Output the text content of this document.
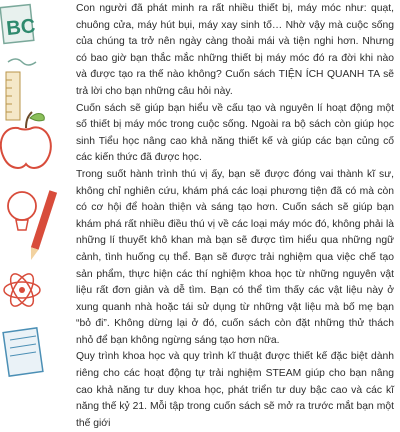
BC

Con người đã phát minh ra rất nhiều thiết bị, máy móc như: quạt, chuông cửa, máy hút bụi, máy xay sinh tố… Nhờ vậy mà cuộc sống của chúng ta trở nên ngày càng thoải mái và tiện nghi hơn. Nhưng có bao giờ bạn thắc mắc những thiết bị máy móc đó ra đời khi nào và được tạo ra thế nào không? Cuốn sách TIỆN ÍCH QUANH TA sẽ trả lời cho bạn những câu hỏi này.

Cuốn sách sẽ giúp bạn hiểu về cấu tạo và nguyên lí hoạt động một số thiết bị máy móc trong cuộc sống. Ngoài ra bộ sách còn giúp học sinh Tiểu học nâng cao khả năng thiết kế và giúp các bạn củng cố các kiến thức đã được học.

Trong suốt hành trình thú vị ấy, bạn sẽ được đóng vai thành kĩ sư, không chỉ nghiên cứu, khám phá các loại phương tiện đã có mà còn có cơ hội để hoàn thiện và sáng tạo hơn. Cuốn sách sẽ giúp bạn khám phá rất nhiều điều thú vị về các loại máy móc đó, không phải là những lí thuyết khô khan mà bạn sẽ được tìm hiểu qua những ngữ cảnh, tình huống cụ thể. Bạn sẽ được trải nghiệm qua việc chế tạo sản phẩm, thực hiện các thí nghiệm khoa học từ những nguyên vật liệu rất đơn giản và dễ tìm. Bạn có thể tìm thấy các vật liệu này ở xung quanh nhà hoặc tái sử dụng từ những vật liệu mà bố mẹ bạn “bỏ đi”. Không dừng lại ở đó, cuốn sách còn đặt những thử thách nhỏ để bạn không ngừng sáng tạo hơn nữa.

Quy trình khoa học và quy trình kĩ thuật được thiết kế đặc biệt dành riêng cho các hoạt động tự trải nghiệm STEAM giúp cho bạn nâng cao khả năng tư duy khoa học, phát triển tư duy bậc cao và các kĩ năng thế kỷ 21. Mỗi tập trong cuốn sách sẽ mở ra trước mắt bạn một thế giới
